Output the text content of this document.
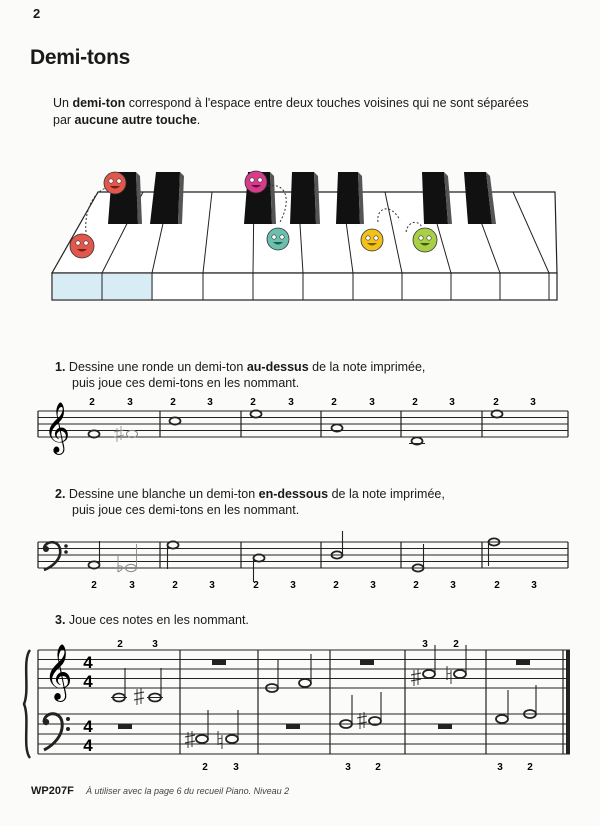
2
Demi-tons
Un demi-ton correspond à l'espace entre deux touches voisines qui ne sont séparées
par aucune autre touche.
1. Dessine une ronde un demi-ton au-dessus de la note imprimée,
puis joue ces demi-tons en les nommant.
2	3	2	3	2	3	2	3	2	3	2	3
𝄞
2. Dessine une blanche un demi-ton en-dessous de la note imprimée,
puis joue ces demi-tons en les nommant.
2	3	2	3	2	3	2	3	2	3	2	3
3. Joue ces notes en les nommant.
𝄞 4
4
4
4
2	3	3	2
2	3	3 2	3 2
WP207F À utiliser avec la page 6 du recueil Piano. Niveau 2
